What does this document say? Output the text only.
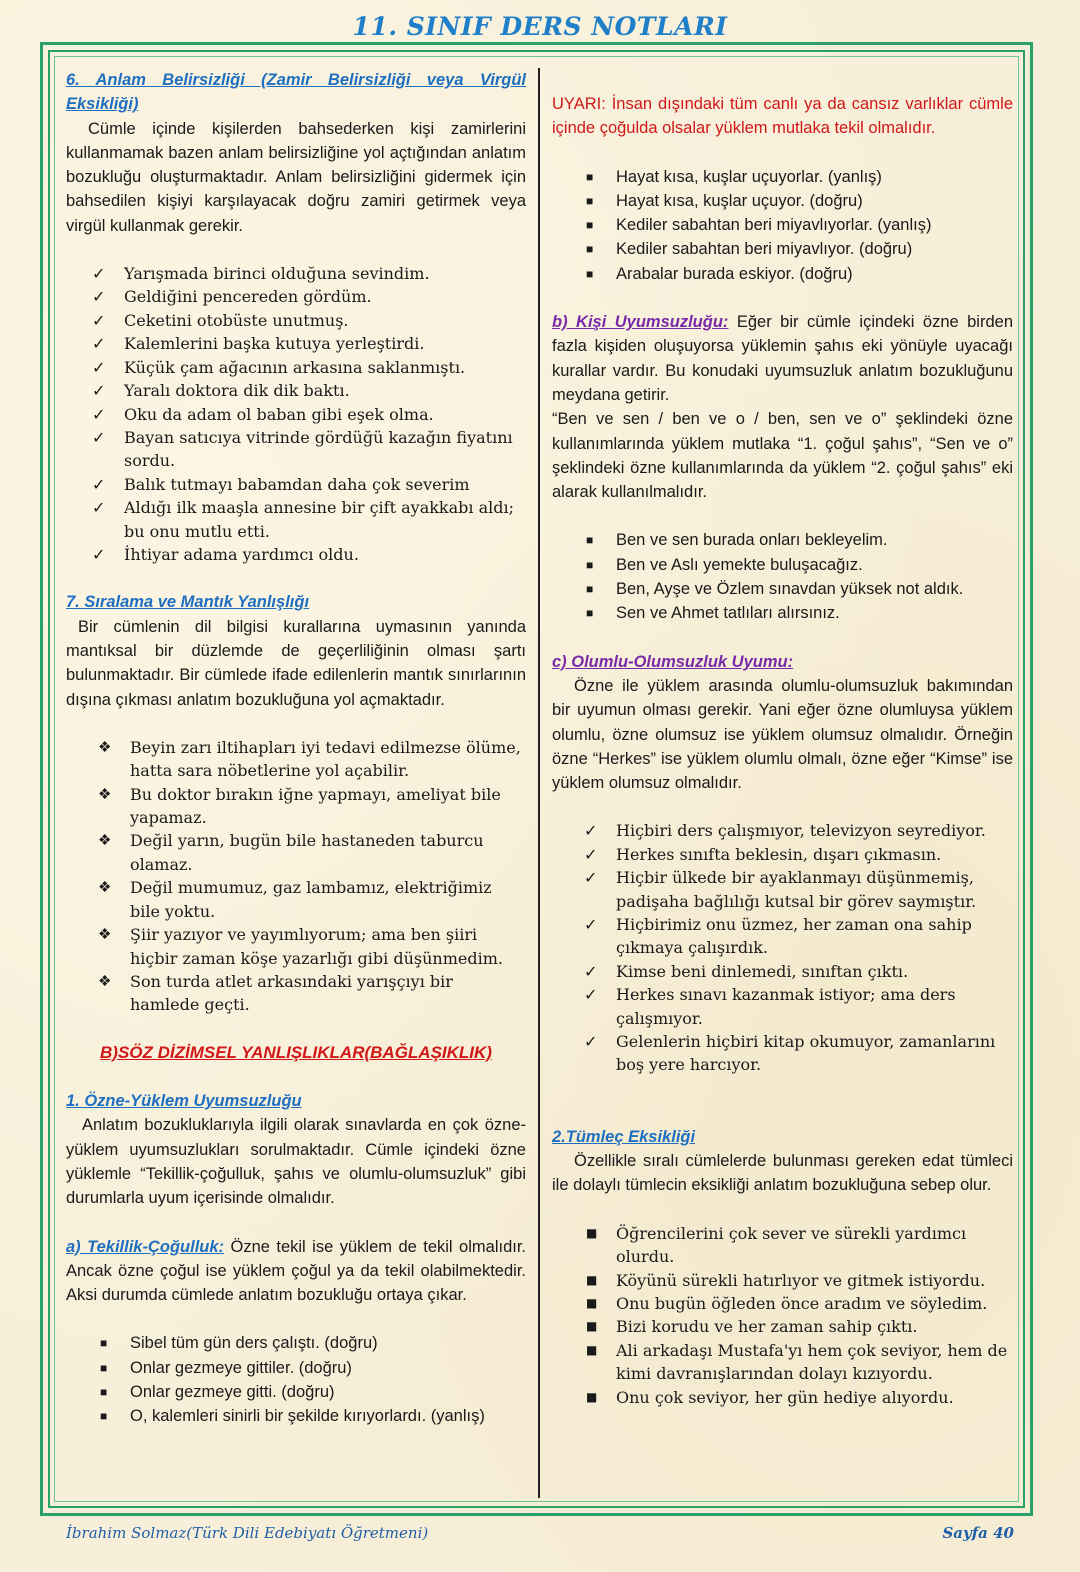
11. SINIF DERS NOTLARI

6. Anlam Belirsizliği (Zamir Belirsizliği veya Virgül Eksikliği)

Cümle içinde kişilerden bahsederken kişi zamirlerini kullanmamak bazen anlam belirsizliğine yol açtığından anlatım bozukluğu oluşturmaktadır. Anlam belirsizliğini gidermek için bahsedilen kişiyi karşılayacak doğru zamiri getirmek veya virgül kullanmak gerekir.

✓ Yarışmada birinci olduğuna sevindim.
✓ Geldiğini pencereden gördüm.
✓ Ceketini otobüste unutmuş.
✓ Kalemlerini başka kutuya yerleştirdi.
✓ Küçük çam ağacının arkasına saklanmıştı.
✓ Yaralı doktora dik dik baktı.
✓ Oku da adam ol baban gibi eşek olma.
✓ Bayan satıcıya vitrinde gördüğü kazağın fiyatını sordu.
✓ Balık tutmayı babamdan daha çok severim
✓ Aldığı ilk maaşla annesine bir çift ayakkabı aldı; bu onu mutlu etti.
✓ İhtiyar adama yardımcı oldu.

7. Sıralama ve Mantık Yanlışlığı

Bir cümlenin dil bilgisi kurallarına uymasının yanında mantıksal bir düzlemde de geçerliliğinin olması şartı bulunmaktadır. Bir cümlede ifade edilenlerin mantık sınırlarının dışına çıkması anlatım bozukluğuna yol açmaktadır.

❖ Beyin zarı iltihapları iyi tedavi edilmezse ölüme, hatta sara nöbetlerine yol açabilir.
❖ Bu doktor bırakın iğne yapmayı, ameliyat bile yapamaz.
❖ Değil yarın, bugün bile hastaneden taburcu olamaz.
❖ Değil mumumuz, gaz lambamız, elektriğimiz bile yoktu.
❖ Şiir yazıyor ve yayımlıyorum; ama ben şiiri hiçbir zaman köşe yazarlığı gibi düşünmedim.
❖ Son turda atlet arkasındaki yarışçıyı bir hamlede geçti.

B)SÖZ DİZİMSEL YANLIŞLIKLAR(BAĞLAŞIKLIK)

1. Özne-Yüklem Uyumsuzluğu

Anlatım bozukluklarıyla ilgili olarak sınavlarda en çok özne-yüklem uyumsuzlukları sorulmaktadır. Cümle içindeki özne yüklemle “Tekillik-çoğulluk, şahıs ve olumlu-olumsuzluk” gibi durumlarla uyum içerisinde olmalıdır.

a) Tekillik-Çoğulluk: Özne tekil ise yüklem de tekil olmalıdır. Ancak özne çoğul ise yüklem çoğul ya da tekil olabilmektedir. Aksi durumda cümlede anlatım bozukluğu ortaya çıkar.

■ Sibel tüm gün ders çalıştı. (doğru)
■ Onlar gezmeye gittiler. (doğru)
■ Onlar gezmeye gitti. (doğru)
■ O, kalemleri sinirli bir şekilde kırıyorlardı. (yanlış)

UYARI: İnsan dışındaki tüm canlı ya da cansız varlıklar cümle içinde çoğulda olsalar yüklem mutlaka tekil olmalıdır.

■ Hayat kısa, kuşlar uçuyorlar. (yanlış)
■ Hayat kısa, kuşlar uçuyor. (doğru)
■ Kediler sabahtan beri miyavlıyorlar. (yanlış)
■ Kediler sabahtan beri miyavlıyor. (doğru)
■ Arabalar burada eskiyor. (doğru)

b) Kişi Uyumsuzluğu: Eğer bir cümle içindeki özne birden fazla kişiden oluşuyorsa yüklemin şahıs eki yönüyle uyacağı kurallar vardır. Bu konudaki uyumsuzluk anlatım bozukluğunu meydana getirir.

“Ben ve sen / ben ve o / ben, sen ve o” şeklindeki özne kullanımlarında yüklem mutlaka “1. çoğul şahıs”, “Sen ve o” şeklindeki özne kullanımlarında da yüklem “2. çoğul şahıs” eki alarak kullanılmalıdır.

■ Ben ve sen burada onları bekleyelim.
■ Ben ve Aslı yemekte buluşacağız.
■ Ben, Ayşe ve Özlem sınavdan yüksek not aldık.
■ Sen ve Ahmet tatlıları alırsınız.

c) Olumlu-Olumsuzluk Uyumu:

Özne ile yüklem arasında olumlu-olumsuzluk bakımından bir uyumun olması gerekir. Yani eğer özne olumluysa yüklem olumlu, özne olumsuz ise yüklem olumsuz olmalıdır. Örneğin özne “Herkes” ise yüklem olumlu olmalı, özne eğer “Kimse” ise yüklem olumsuz olmalıdır.

✓ Hiçbiri ders çalışmıyor, televizyon seyrediyor.
✓ Herkes sınıfta beklesin, dışarı çıkmasın.
✓ Hiçbir ülkede bir ayaklanmayı düşünmemiş, padişaha bağlılığı kutsal bir görev saymıştır.
✓ Hiçbirimiz onu üzmez, her zaman ona sahip çıkmaya çalışırdık.
✓ Kimse beni dinlemedi, sınıftan çıktı.
✓ Herkes sınavı kazanmak istiyor; ama ders çalışmıyor.
✓ Gelenlerin hiçbiri kitap okumuyor, zamanlarını boş yere harcıyor.

2.Tümleç Eksikliği

Özellikle sıralı cümlelerde bulunması gereken edat tümleci ile dolaylı tümlecin eksikliği anlatım bozukluğuna sebep olur.

■ Öğrencilerini çok sever ve sürekli yardımcı olurdu.
■ Köyünü sürekli hatırlıyor ve gitmek istiyordu.
■ Onu bugün öğleden önce aradım ve söyledim.
■ Bizi korudu ve her zaman sahip çıktı.
■ Ali arkadaşı Mustafa'yı hem çok seviyor, hem de kimi davranışlarından dolayı kızıyordu.
■ Onu çok seviyor, her gün hediye alıyordu.
İbrahim Solmaz(Türk Dili Edebiyatı Öğretmeni)	Sayfa 40
